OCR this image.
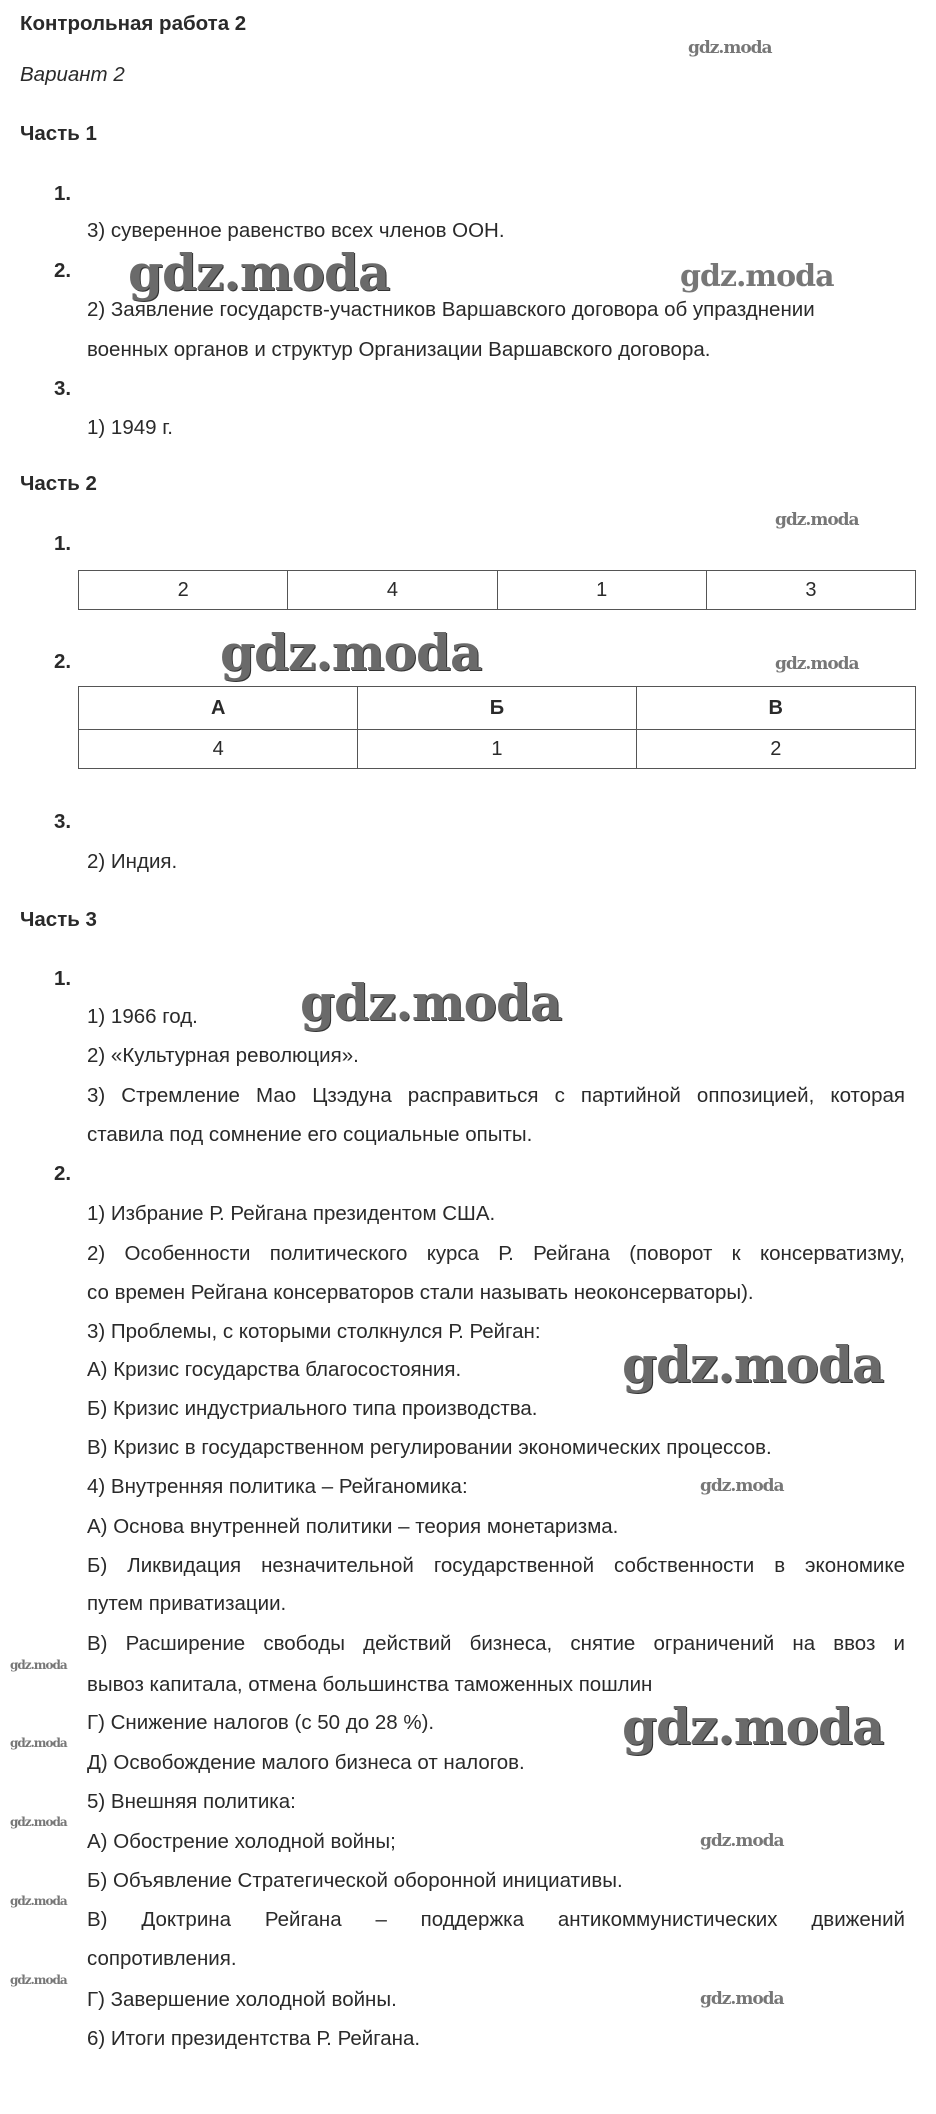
Контрольная работа 2
Вариант 2
Часть 1
1.
3) суверенное равенство всех членов ООН.
2.
2) Заявление государств-участников Варшавского договора об упразднении
военных органов и структур Организации Варшавского договора.
3.
1) 1949 г.
Часть 2
1.
2	4	1	3
2.
А	Б	В
4	1	2
3.
2) Индия.
Часть 3
1.
1) 1966 год.
2) «Культурная революция».
3) Стремление Мао Цзэдуна расправиться с партийной оппозицией, которая
ставила под сомнение его социальные опыты.
2.
1) Избрание Р. Рейгана президентом США.
2) Особенности политического курса Р. Рейгана (поворот к консерватизму,
со времен Рейгана консерваторов стали называть неоконсерваторы).
3) Проблемы, с которыми столкнулся Р. Рейган:
А) Кризис государства благосостояния.
Б) Кризис индустриального типа производства.
В) Кризис в государственном регулировании экономических процессов.
4) Внутренняя политика – Рейганомика:
А) Основа внутренней политики – теория монетаризма.
Б) Ликвидация незначительной государственной собственности в экономике
путем приватизации.
В) Расширение свободы действий бизнеса, снятие ограничений на ввоз и
вывоз капитала, отмена большинства таможенных пошлин
Г) Снижение налогов (с 50 до 28 %).
Д) Освобождение малого бизнеса от налогов.
5) Внешняя политика:
А) Обострение холодной войны;
Б) Объявление Стратегической оборонной инициативы.
В) Доктрина Рейгана – поддержка антикоммунистических движений
сопротивления.
Г) Завершение холодной войны.
6) Итоги президентства Р. Рейгана.
gdz.moda
gdz.moda	gdz.moda
gdz.moda
gdz.moda	gdz.moda
gdz.moda
gdz.moda
gdz.moda
gdz.moda
gdz.moda
gdz.moda
gdz.moda
gdz.moda
gdz.moda
gdz.moda
gdz.moda
